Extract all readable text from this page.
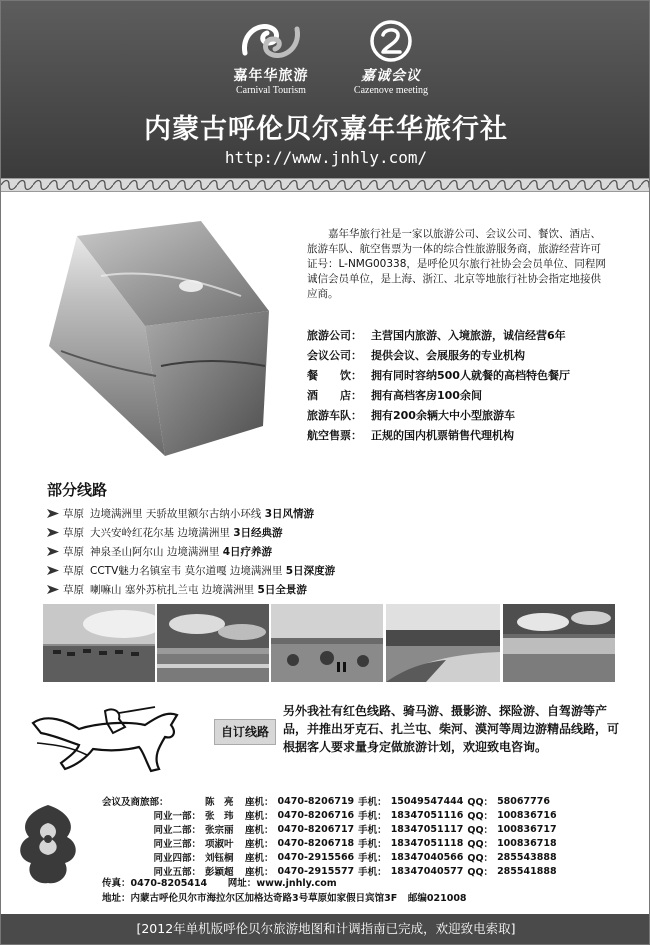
嘉年华旅游
Carnival Tourism
嘉诚会议
Cazenove meeting
内蒙古呼伦贝尔嘉年华旅行社
http://www.jnhly.com/
嘉年华旅行社是一家以旅游公司、会议公司、餐饮、酒店、旅游车队、航空售票为一体的综合性旅游服务商，旅游经营许可证号：L-NMG00338，是呼伦贝尔旅行社协会会员单位、同程网诚信会员单位，是上海、浙江、北京等地旅行社协会指定地接供应商。
旅游公司： 主营国内旅游、入境旅游，诚信经营6年
会议公司： 提供会议、会展服务的专业机构
餐　　饮： 拥有同时容纳500人就餐的高档特色餐厅
酒　　店： 拥有高档客房100余间
旅游车队： 拥有200余辆大中小型旅游车
航空售票： 正规的国内机票销售代理机构
部分线路
草原 边境满洲里 天骄故里额尔古纳小环线 3日风情游
草原 大兴安岭红花尔基 边境满洲里 3日经典游
草原 神泉圣山阿尔山 边境满洲里 4日疗养游
草原 CCTV魅力名镇室韦 莫尔道嘎 边境满洲里 5日深度游
草原 喇嘛山 塞外苏杭扎兰屯 边境满洲里 5日全景游
自订线路
另外我社有红色线路、骑马游、摄影游、探险游、自驾游等产品，并推出牙克石、扎兰屯、柴河、漠河等周边游精品线路，可根据客人要求量身定做旅游计划，欢迎致电咨询。
会议及商旅部：	陈　亮	座机：	0470-8206719	手机：	15049547444	QQ：	58067776
同业一部：	张　玮	座机：	0470-8206716	手机：	18347051116	QQ：	100836716
同业二部：	张宗丽	座机：	0470-8206717	手机：	18347051117	QQ：	100836717
同业三部：	项淑叶	座机：	0470-8206718	手机：	18347051118	QQ：	100836718
同业四部：	刘钰桐	座机：	0470-2915566	手机：	18347040566	QQ：	285543888
同业五部：	彭颖超	座机：	0470-2915577	手机：	18347040577	QQ：	285541888
传真：0470-8205414 网址：www.jnhly.com
地址：内蒙古呼伦贝尔市海拉尔区加格达奇路3号草原如家假日宾馆3F 邮编021008
[2012年单机版呼伦贝尔旅游地图和计调指南已完成，欢迎致电索取]
